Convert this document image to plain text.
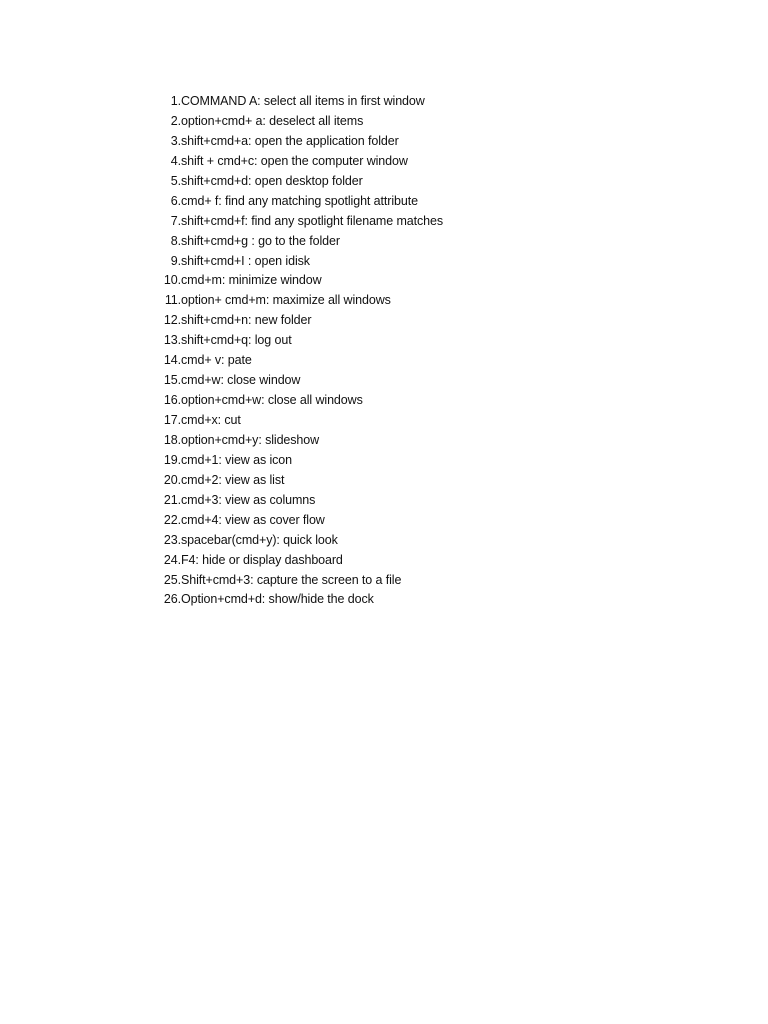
1. COMMAND A: select all items in first window
2. option+cmd+ a: deselect all items
3. shift+cmd+a: open the application folder
4. shift + cmd+c: open the computer window
5. shift+cmd+d: open desktop folder
6. cmd+ f: find any matching spotlight attribute
7. shift+cmd+f: find any spotlight filename matches
8. shift+cmd+g : go to the folder
9. shift+cmd+I : open idisk
10. cmd+m: minimize window
11. option+ cmd+m: maximize all windows
12. shift+cmd+n: new folder
13. shift+cmd+q: log out
14. cmd+ v: pate
15. cmd+w: close window
16. option+cmd+w: close all windows
17. cmd+x: cut
18. option+cmd+y: slideshow
19. cmd+1: view as icon
20. cmd+2: view as list
21. cmd+3: view as columns
22. cmd+4: view as cover flow
23. spacebar(cmd+y): quick look
24. F4: hide or display dashboard
25. Shift+cmd+3: capture the screen to a file
26. Option+cmd+d: show/hide the dock
